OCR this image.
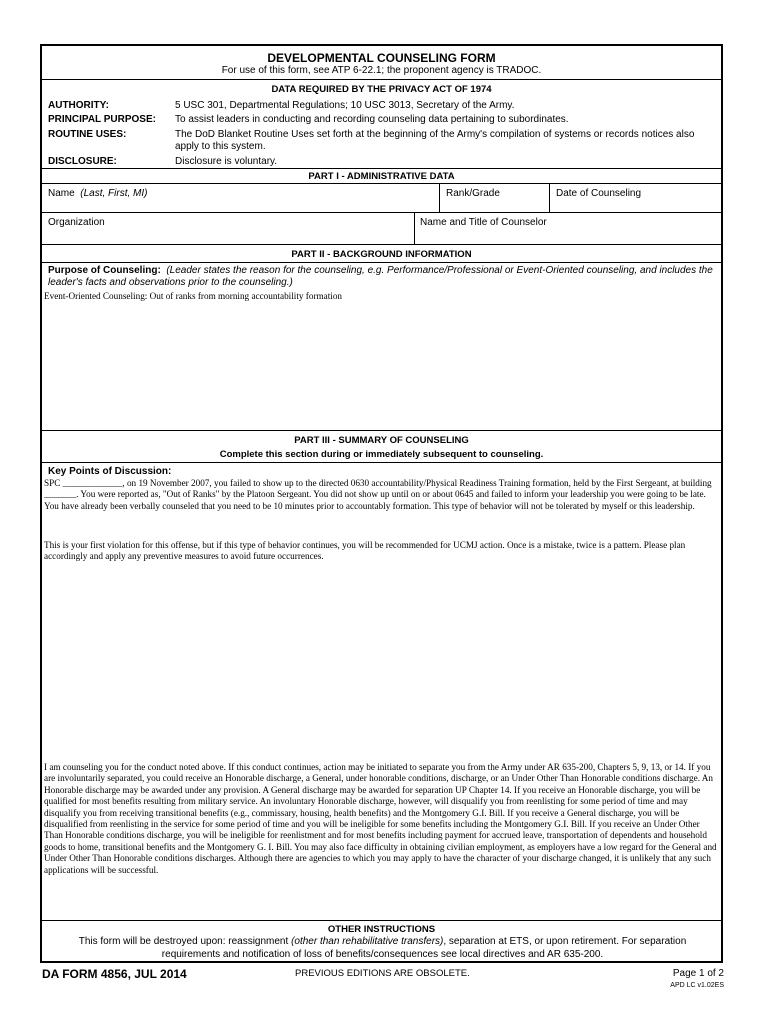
DEVELOPMENTAL COUNSELING FORM
For use of this form, see ATP 6-22.1; the proponent agency is TRADOC.
DATA REQUIRED BY THE PRIVACY ACT OF 1974
AUTHORITY:	5 USC 301, Departmental Regulations; 10 USC 3013, Secretary of the Army.
PRINCIPAL PURPOSE: To assist leaders in conducting and recording counseling data pertaining to subordinates.
ROUTINE USES:	The DoD Blanket Routine Uses set forth at the beginning of the Army's compilation of systems or records notices also apply to this system.
DISCLOSURE:	Disclosure is voluntary.
PART I - ADMINISTRATIVE DATA
Name (Last, First, MI)	Rank/Grade	Date of Counseling
Organization	Name and Title of Counselor
PART II - BACKGROUND INFORMATION
Purpose of Counseling: (Leader states the reason for the counseling, e.g. Performance/Professional or Event-Oriented counseling, and includes the leader's facts and observations prior to the counseling.)
Event-Oriented Counseling: Out of ranks from morning accountability formation
PART III - SUMMARY OF COUNSELING
Complete this section during or immediately subsequent to counseling.
Key Points of Discussion:
SPC _____________, on 19 November 2007, you failed to show up to the directed 0630 accountability/Physical Readiness Training formation, held by the First Sergeant, at building _______. You were reported as, "Out of Ranks" by the Platoon Sergeant. You did not show up until on or about 0645 and failed to inform your leadership you were going to be late. You have already been verbally counseled that you need to be 10 minutes prior to accountably formation. This type of behavior will not be tolerated by myself or this leadership.
This is your first violation for this offense, but if this type of behavior continues, you will be recommended for UCMJ action. Once is a mistake, twice is a pattern. Please plan accordingly and apply any preventive measures to avoid future occurrences.
I am counseling you for the conduct noted above. If this conduct continues, action may be initiated to separate you from the Army under AR 635-200, Chapters 5, 9, 13, or 14. If you are involuntarily separated, you could receive an Honorable discharge, a General, under honorable conditions, discharge, or an Under Other Than Honorable conditions discharge. An Honorable discharge may be awarded under any provision. A General discharge may be awarded for separation UP Chapter 14. If you receive an Honorable discharge, you will be qualified for most benefits resulting from military service. An involuntary Honorable discharge, however, will disqualify you from reenlisting for some period of time and may disqualify you from receiving transitional benefits (e.g., commissary, housing, health benefits) and the Montgomery G.I. Bill. If you receive a General discharge, you will be disqualified from reenlisting in the service for some period of time and you will be ineligible for some benefits including the Montgomery G.I. Bill. If you receive an Under Other Than Honorable conditions discharge, you will be ineligible for reenlistment and for most benefits including payment for accrued leave, transportation of dependents and household goods to home, transitional benefits and the Montgomery G. I. Bill. You may also face difficulty in obtaining civilian employment, as employers have a low regard for the General and Under Other Than Honorable conditions discharges. Although there are agencies to which you may apply to have the character of your discharge changed, it is unlikely that any such applications will be successful.
OTHER INSTRUCTIONS
This form will be destroyed upon: reassignment (other than rehabilitative transfers), separation at ETS, or upon retirement. For separation requirements and notification of loss of benefits/consequences see local directives and AR 635-200.
DA FORM 4856, JUL 2014	PREVIOUS EDITIONS ARE OBSOLETE.	Page 1 of 2
APD LC v1.02ES
